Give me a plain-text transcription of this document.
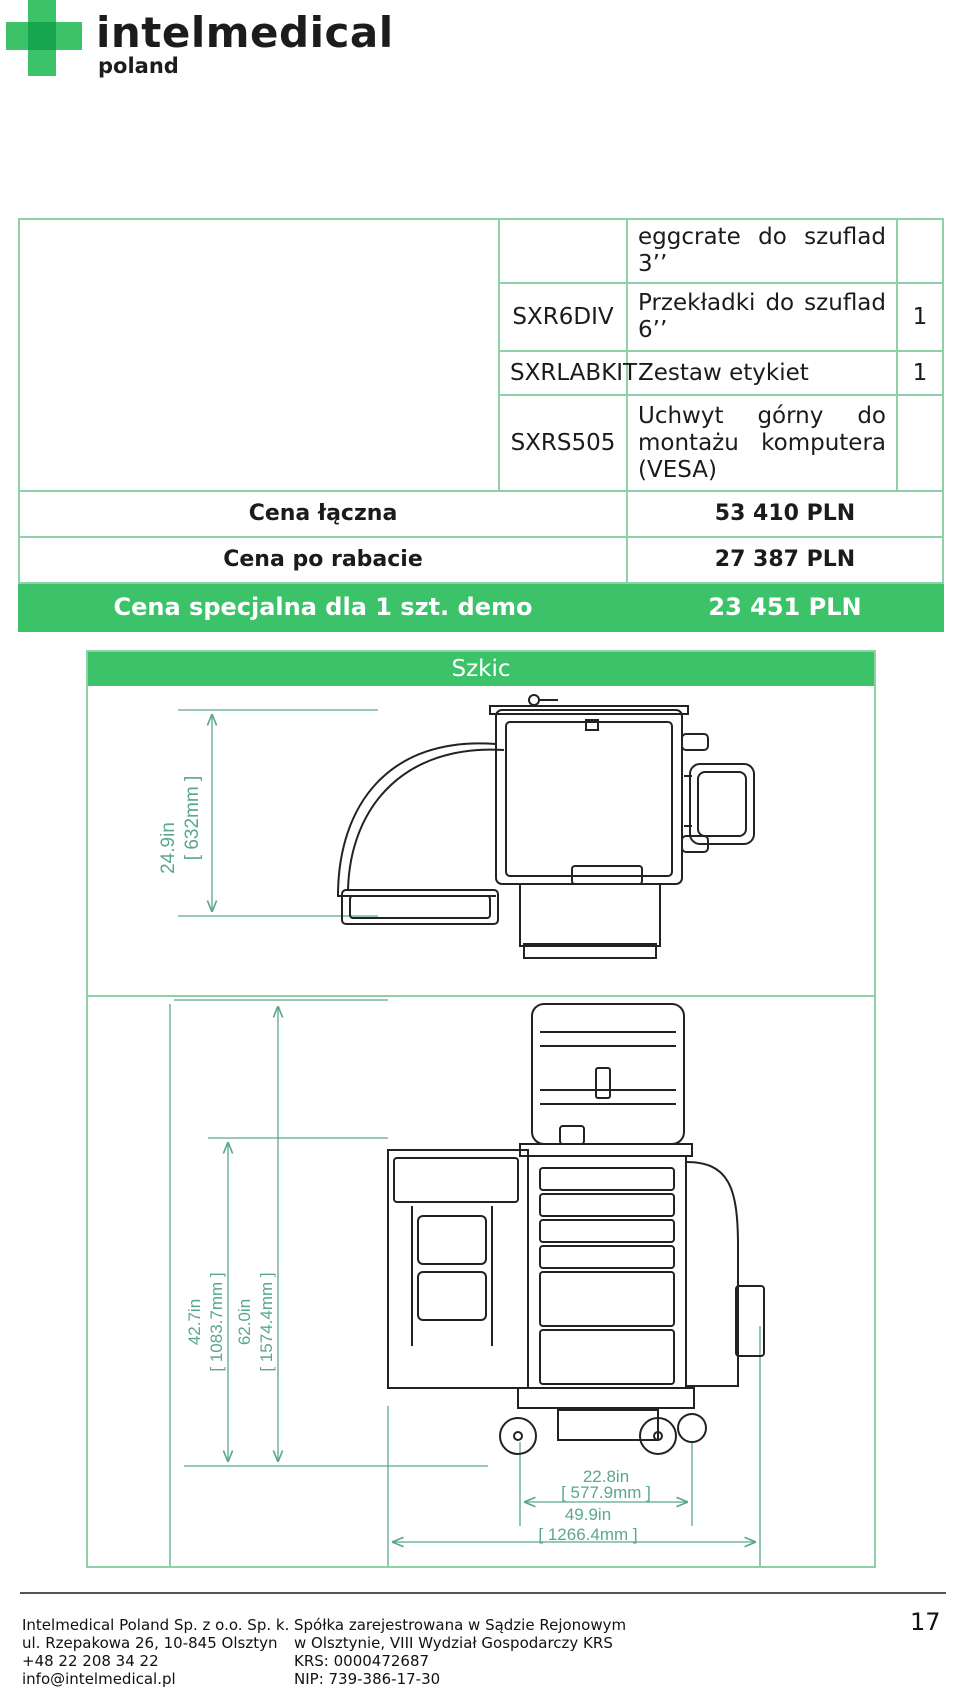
intelmedical
poland
		eggcrate do szuflad 3’’	
	SXR6DIV	Przekładki do szuflad 6’’	1
	SXRLABKIT	Zestaw etykiet	1
	SXRS505	Uchwyt górny do montażu komputera (VESA)	
Cena łączna		53 410 PLN	
Cena po rabacie		27 387 PLN	
Cena specjalna dla 1 szt. demo		23 451 PLN	
Szkic
24.9in [ 632mm ]
42.7in [ 1083.7mm ] 62.0in [ 1574.4mm ]
22.8in
[ 577.9mm ]
49.9in
[ 1266.4mm ]
Intelmedical Poland Sp. z o.o. Sp. k.
ul. Rzepakowa 26, 10-845 Olsztyn
+48 22 208 34 22
info@intelmedical.pl
Spółka zarejestrowana w Sądzie Rejonowym
w Olsztynie, VIII Wydział Gospodarczy KRS
KRS: 0000472687
NIP: 739-386-17-30
17
